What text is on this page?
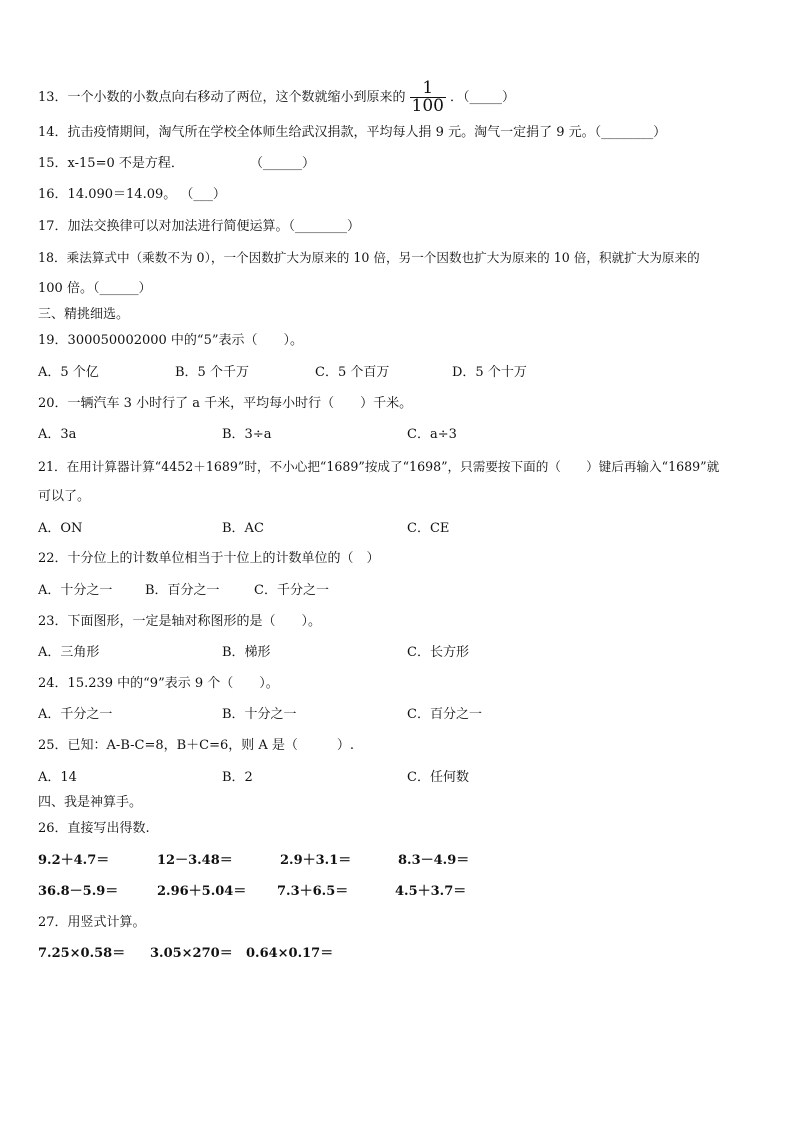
13．一个小数的小数点向右移动了两位，这个数就缩小到原来的 $\frac{1}{100}$ ．（_____）
14．抗击疫情期间，淘气所在学校全体师生给武汉捐款，平均每人捐 9 元。淘气一定捐了 9 元。（________）
15．x-15=0 不是方程．	（______）
16．14.090＝14.09。 （___）
17．加法交换律可以对加法进行简便运算。（________）
18．乘法算式中（乘数不为 0），一个因数扩大为原来的 10 倍，另一个因数也扩大为原来的 10 倍，积就扩大为原来的
100 倍。（______）
三、精挑细选。
19．300050002000 中的“5”表示（　　）。
A．5 个亿	B．5 个千万	C．5 个百万	D．5 个十万
20．一辆汽车 3 小时行了 a 千米，平均每小时行（　　）千米。
A．3a	B．3÷a	C．a÷3
21．在用计算器计算“4452＋1689”时，不小心把“1689”按成了“1698”，只需要按下面的（　　）键后再输入“1689”就
可以了。
A．ON	B．AC	C．CE
22．十分位上的计数单位相当于十位上的计数单位的（　）
A．十分之一	B．百分之一	C．千分之一
23．下面图形，一定是轴对称图形的是（　　）。
A．三角形	B．梯形	C．长方形
24．15.239 中的“9”表示 9 个（　　）。
A．千分之一	B．十分之一	C．百分之一
25．已知：A-B-C=8，B＋C=6，则 A 是（　　　）.
A．14	B．2	C．任何数
四、我是神算手。
26．直接写出得数.
9.2＋4.7＝	12－3.48＝	2.9＋3.1＝	8.3－4.9＝
36.8－5.9＝	2.96＋5.04＝ 7.3＋6.5＝	4.5＋3.7＝
27．用竖式计算。
7.25×0.58＝ 3.05×270＝ 0.64×0.17＝
